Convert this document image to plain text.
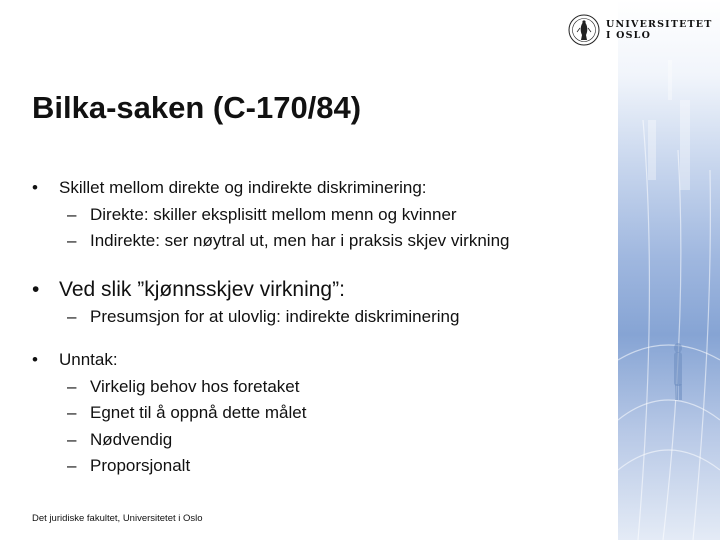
UNIVERSITETET
I OSLO
Bilka-saken (C-170/84)
• Skillet mellom direkte og indirekte diskriminering:
– Direkte: skiller eksplisitt mellom menn og kvinner
– Indirekte: ser nøytral ut, men har i praksis skjev virkning
• Ved slik ”kjønnsskjev virkning”:
– Presumsjon for at ulovlig: indirekte diskriminering
• Unntak:
– Virkelig behov hos foretaket
– Egnet til å oppnå dette målet
– Nødvendig
– Proporsjonalt
Det juridiske fakultet, Universitetet i Oslo
